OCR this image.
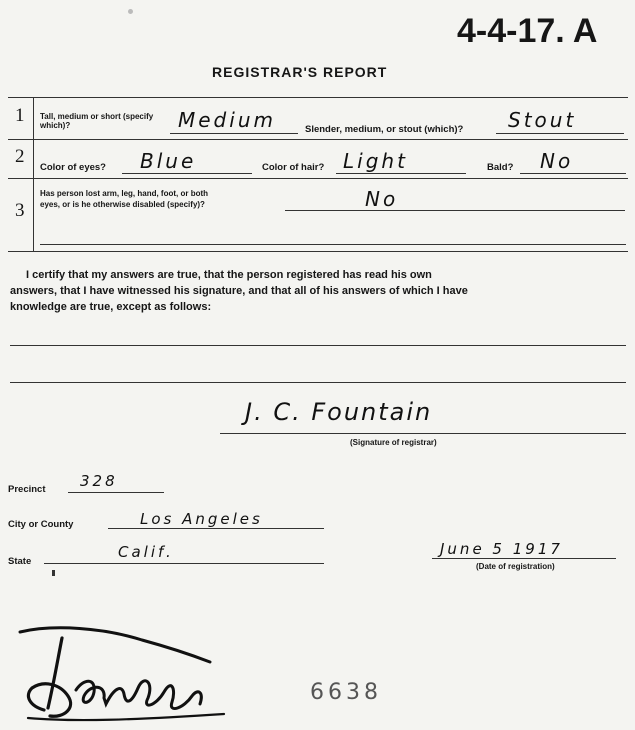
4-4-17. A
REGISTRAR'S REPORT
1 Tall, medium or short (specify which)?	Medium	Slender, medium, or stout (which)? Stout
2
Color of eyes? Blue	Color of hair? Light	Bald? No
3
Has person lost arm, leg, hand, foot, or both
eyes, or is he otherwise disabled (specify)?	No
I certify that my answers are true, that the person registered has read his own
answers, that I have witnessed his signature, and that all of his answers of which I have
knowledge are true, except as follows:
J. C. Fountain
(Signature of registrar)
Precinct 328
City or County	Los Angeles
State
Calif.	June 5 1917
(Date of registration)
6638
